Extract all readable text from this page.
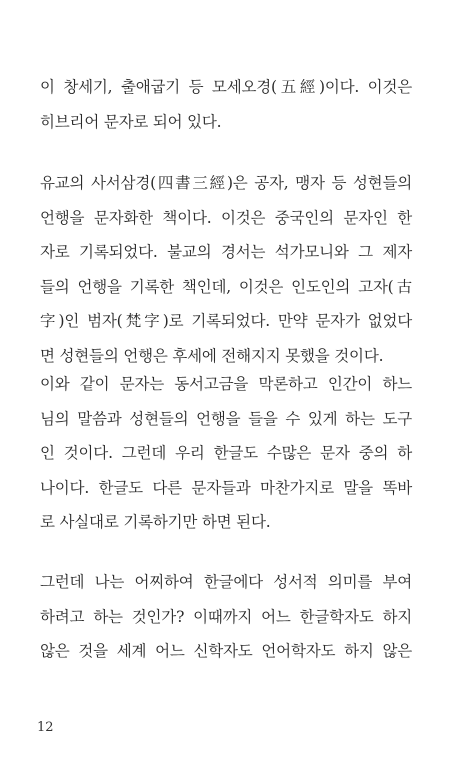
이 창세기, 출애굽기 등 모세오경(五經)이다. 이것은
히브리어 문자로 되어 있다.

유교의 사서삼경(四書三經)은 공자, 맹자 등 성현들의
언행을 문자화한 책이다. 이것은 중국인의 문자인 한
자로 기록되었다. 불교의 경서는 석가모니와 그 제자
들의 언행을 기록한 책인데, 이것은 인도인의 고자(古
字)인 범자(梵字)로 기록되었다. 만약 문자가 없었다
면 성현들의 언행은 후세에 전해지지 못했을 것이다.

이와 같이 문자는 동서고금을 막론하고 인간이 하느
님의 말씀과 성현들의 언행을 들을 수 있게 하는 도구
인 것이다. 그런데 우리 한글도 수많은 문자 중의 하
나이다. 한글도 다른 문자들과 마찬가지로 말을 똑바
로 사실대로 기록하기만 하면 된다.

그런데 나는 어찌하여 한글에다 성서적 의미를 부여
하려고 하는 것인가? 이때까지 어느 한글학자도 하지
않은 것을 세계 어느 신학자도 언어학자도 하지 않은

12
